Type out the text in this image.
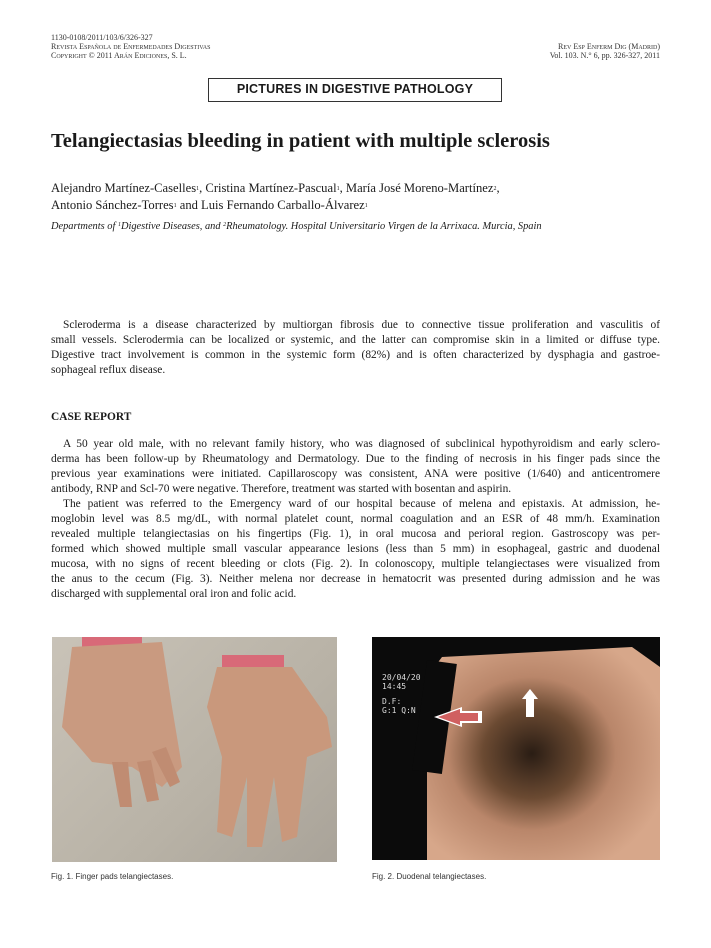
1130-0108/2011/103/6/326-327
Revista Española de Enfermedades Digestivas
Copyright © 2011 Arán Ediciones, S. L.
Rev Esp Enferm Dig (Madrid)
Vol. 103. N.° 6, pp. 326-327, 2011
PICTURES IN DIGESTIVE PATHOLOGY
Telangiectasias bleeding in patient with multiple sclerosis
Alejandro Martínez-Caselles$^1$, Cristina Martínez-Pascual$^1$, María José Moreno-Martínez$^2$,
Antonio Sánchez-Torres$^1$ and Luis Fernando Carballo-Álvarez$^1$
Departments of $^1$Digestive Diseases, and $^2$Rheumatology. Hospital Universitario Virgen de la Arrixaca. Murcia, Spain
Scleroderma is a disease characterized by multiorgan fibrosis due to connective tissue proliferation and vasculitis of
small vessels. Sclerodermia can be localized or systemic, and the latter can compromise skin in a limited or diffuse type.
Digestive tract involvement is common in the systemic form (82%) and is often characterized by dysphagia and gastroe-
sophageal reflux disease.
CASE REPORT
A 50 year old male, with no relevant family history, who was diagnosed of subclinical hypothyroidism and early sclero-
derma has been follow-up by Rheumatology and Dermatology. Due to the finding of necrosis in his finger pads since the
previous year examinations were initiated. Capillaroscopy was consistent, ANA were positive (1/640) and anticentromere
antibody, RNP and Scl-70 were negative. Therefore, treatment was started with bosentan and aspirin.
The patient was referred to the Emergency ward of our hospital because of melena and epistaxis. At admission, he-
moglobin level was 8.5 mg/dL, with normal platelet count, normal coagulation and an ESR of 48 mm/h. Examination
revealed multiple telangiectasias on his fingertips (Fig. 1), in oral mucosa and perioral region. Gastroscopy was per-
formed which showed multiple small vascular appearance lesions (less than 5 mm) in esophageal, gastric and duodenal
mucosa, with no signs of recent bleeding or clots (Fig. 2). In colonoscopy, multiple telangiectases were visualized from
the anus to the cecum (Fig. 3). Neither melena nor decrease in hematocrit was presented during admission and he was
discharged with supplemental oral iron and folic acid.
20/04/20
14:45
D.F:
G:1 Q:N
Fig. 1. Finger pads telangiectases.	Fig. 2. Duodenal telangiectases.
